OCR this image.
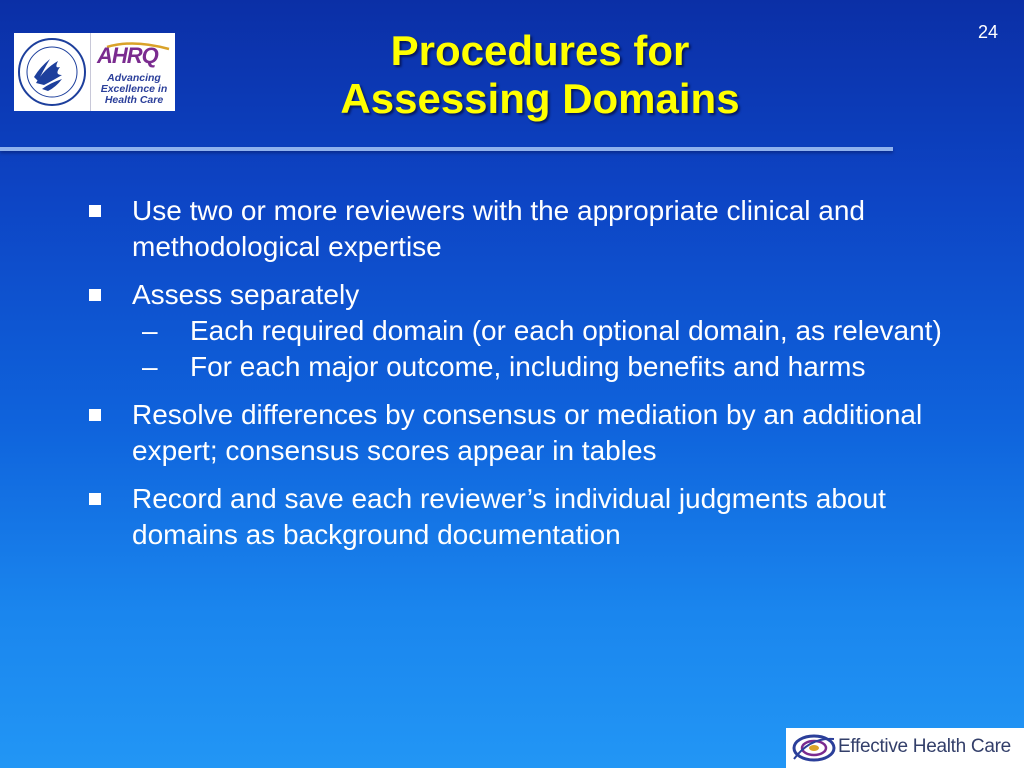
24
AHRQ
Advancing
Excellence in
Health Care
Procedures for
Assessing Domains
Use two or more reviewers with the appropriate clinical and methodological expertise
Assess separately
– Each required domain (or each optional domain, as relevant)
– For each major outcome, including benefits and harms
Resolve differences by consensus or mediation by an additional expert; consensus scores appear in tables
Record and save each reviewer’s individual judgments about domains as background documentation
Effective Health Care
